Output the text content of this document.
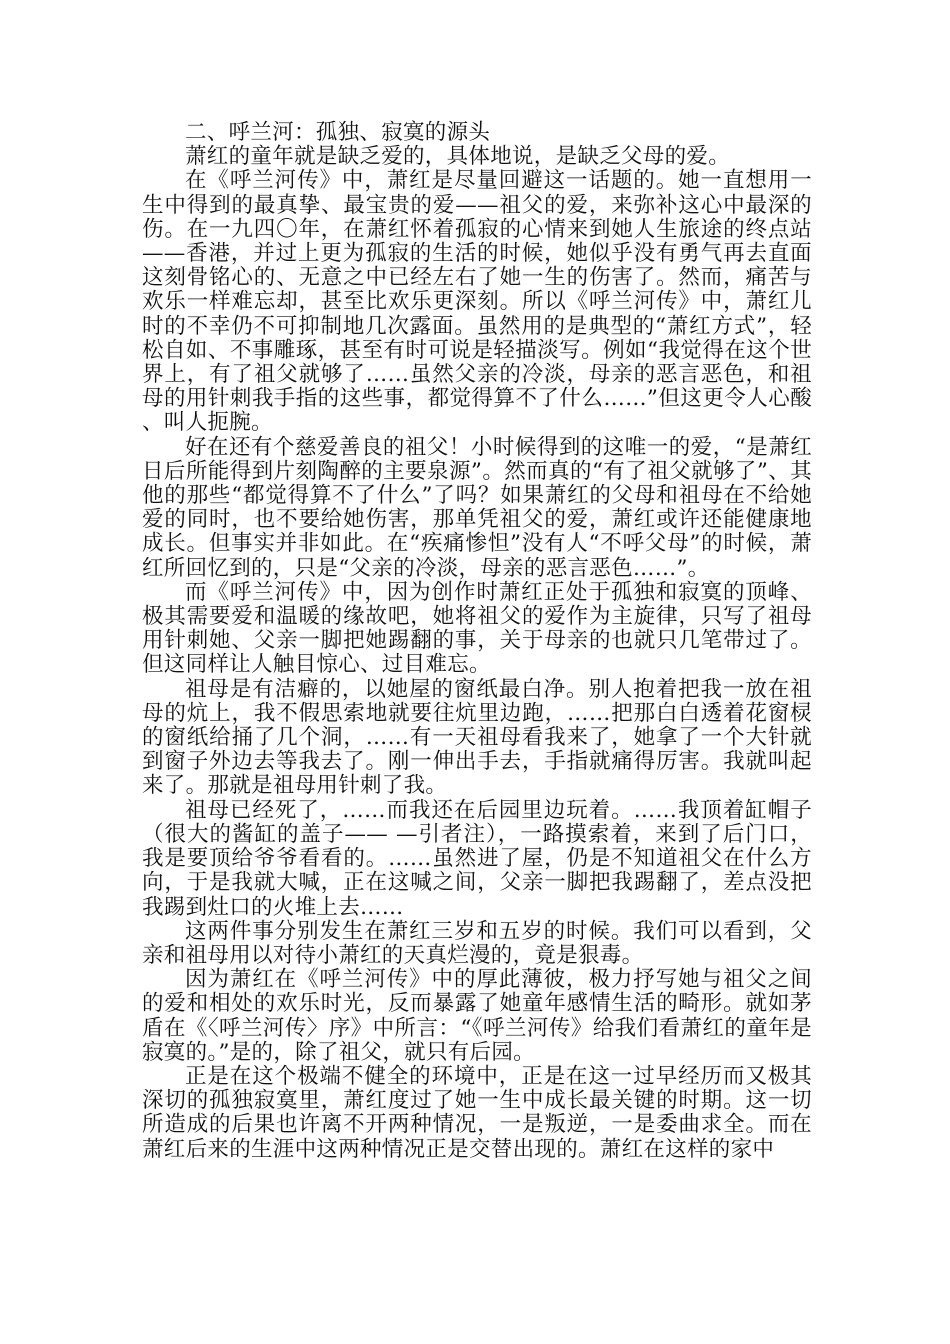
二、呼兰河：孤独、寂寞的源头

萧红的童年就是缺乏爱的，具体地说，是缺乏父母的爱。

在《呼兰河传》中，萧红是尽量回避这一话题的。她一直想用一生中得到的最真挚、最宝贵的爱——祖父的爱，来弥补这心中最深的伤。在一九四〇年，在萧红怀着孤寂的心情来到她人生旅途的终点站——香港，并过上更为孤寂的生活的时候，她似乎没有勇气再去直面这刻骨铭心的、无意之中已经左右了她一生的伤害了。然而，痛苦与欢乐一样难忘却，甚至比欢乐更深刻。所以《呼兰河传》中，萧红儿时的不幸仍不可抑制地几次露面。虽然用的是典型的“萧红方式”，轻松自如、不事雕琢，甚至有时可说是轻描淡写。例如“我觉得在这个世界上，有了祖父就够了……虽然父亲的冷淡，母亲的恶言恶色，和祖母的用针刺我手指的这些事，都觉得算不了什么……”但这更令人心酸、叫人扼腕。

好在还有个慈爱善良的祖父！小时候得到的这唯一的爱，“是萧红日后所能得到片刻陶醉的主要泉源”。然而真的“有了祖父就够了”、其他的那些“都觉得算不了什么”了吗？如果萧红的父母和祖母在不给她爱的同时，也不要给她伤害，那单凭祖父的爱，萧红或许还能健康地成长。但事实并非如此。在“疾痛惨怛”没有人“不呼父母”的时候，萧红所回忆到的，只是“父亲的冷淡，母亲的恶言恶色……”。

而《呼兰河传》中，因为创作时萧红正处于孤独和寂寞的顶峰、极其需要爱和温暖的缘故吧，她将祖父的爱作为主旋律，只写了祖母用针刺她、父亲一脚把她踢翻的事，关于母亲的也就只几笔带过了。但这同样让人触目惊心、过目难忘。

祖母是有洁癖的，以她屋的窗纸最白净。别人抱着把我一放在祖母的炕上，我不假思索地就要往炕里边跑，……把那白白透着花窗棂的窗纸给捅了几个洞，……有一天祖母看我来了，她拿了一个大针就到窗子外边去等我去了。刚一伸出手去，手指就痛得厉害。我就叫起来了。那就是祖母用针刺了我。

祖母已经死了，……而我还在后园里边玩着。……我顶着缸帽子（很大的酱缸的盖子—— —引者注），一路摸索着，来到了后门口，我是要顶给爷爷看看的。……虽然进了屋，仍是不知道祖父在什么方向，于是我就大喊，正在这喊之间，父亲一脚把我踢翻了，差点没把我踢到灶口的火堆上去……

这两件事分别发生在萧红三岁和五岁的时候。我们可以看到，父亲和祖母用以对待小萧红的天真烂漫的，竟是狠毒。

因为萧红在《呼兰河传》中的厚此薄彼，极力抒写她与祖父之间的爱和相处的欢乐时光，反而暴露了她童年感情生活的畸形。就如茅盾在《〈呼兰河传〉序》中所言：“《呼兰河传》给我们看萧红的童年是寂寞的。”是的，除了祖父，就只有后园。

正是在这个极端不健全的环境中，正是在这一过早经历而又极其深切的孤独寂寞里，萧红度过了她一生中成长最关键的时期。这一切所造成的后果也许离不开两种情况，一是叛逆，一是委曲求全。而在萧红后来的生涯中这两种情况正是交替出现的。萧红在这样的家中
